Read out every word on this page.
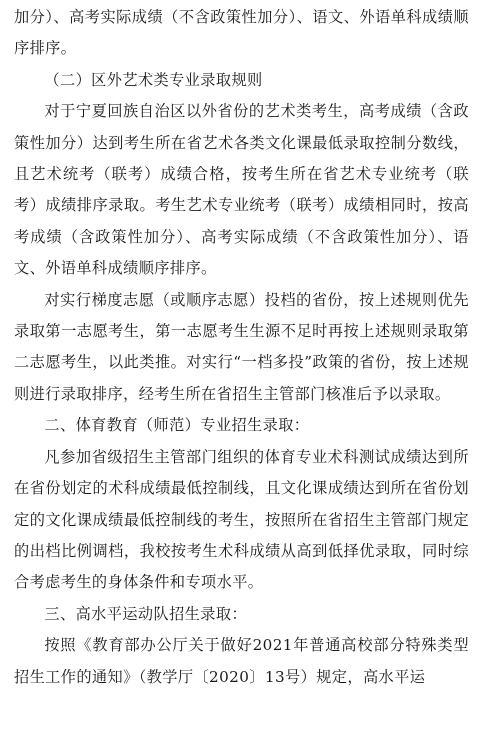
加分）、高考实际成绩（不含政策性加分）、语文、外语单科成绩顺序排序。

（二）区外艺术类专业录取规则

对于宁夏回族自治区以外省份的艺术类考生，高考成绩（含政策性加分）达到考生所在省艺术各类文化课最低录取控制分数线，且艺术统考（联考）成绩合格，按考生所在省艺术专业统考（联考）成绩排序录取。考生艺术专业统考（联考）成绩相同时，按高考成绩（含政策性加分）、高考实际成绩（不含政策性加分）、语文、外语单科成绩顺序排序。

对实行梯度志愿（或顺序志愿）投档的省份，按上述规则优先录取第一志愿考生，第一志愿考生生源不足时再按上述规则录取第二志愿考生，以此类推。对实行“一档多投”政策的省份，按上述规则进行录取排序，经考生所在省招生主管部门核准后予以录取。

二、体育教育（师范）专业招生录取：

凡参加省级招生主管部门组织的体育专业术科测试成绩达到所在省份划定的术科成绩最低控制线，且文化课成绩达到所在省份划定的文化课成绩最低控制线的考生，按照所在省招生主管部门规定的出档比例调档，我校按考生术科成绩从高到低择优录取，同时综合考虑考生的身体条件和专项水平。

三、高水平运动队招生录取：

按照《教育部办公厅关于做好2021年普通高校部分特殊类型招生工作的通知》（教学厅〔2020〕13号）规定，高水平运
